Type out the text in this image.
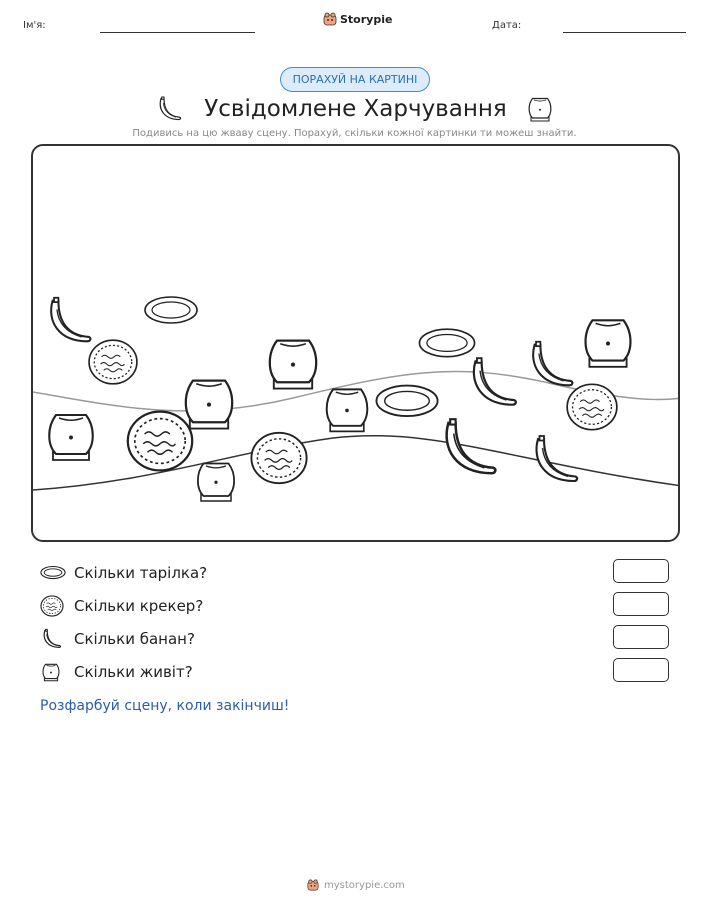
Ім'я:	Storypie	Дата:
ПОРАХУЙ НА КАРТИНІ
Усвідомлене Харчування
Подивись на цю жваву сцену. Порахуй, скільки кожної картинки ти можеш знайти.
Скільки тарілка?
Скільки крекер?
Скільки банан?
Скільки живіт?
Розфарбуй сцену, коли закінчиш!
mystorypie.com
